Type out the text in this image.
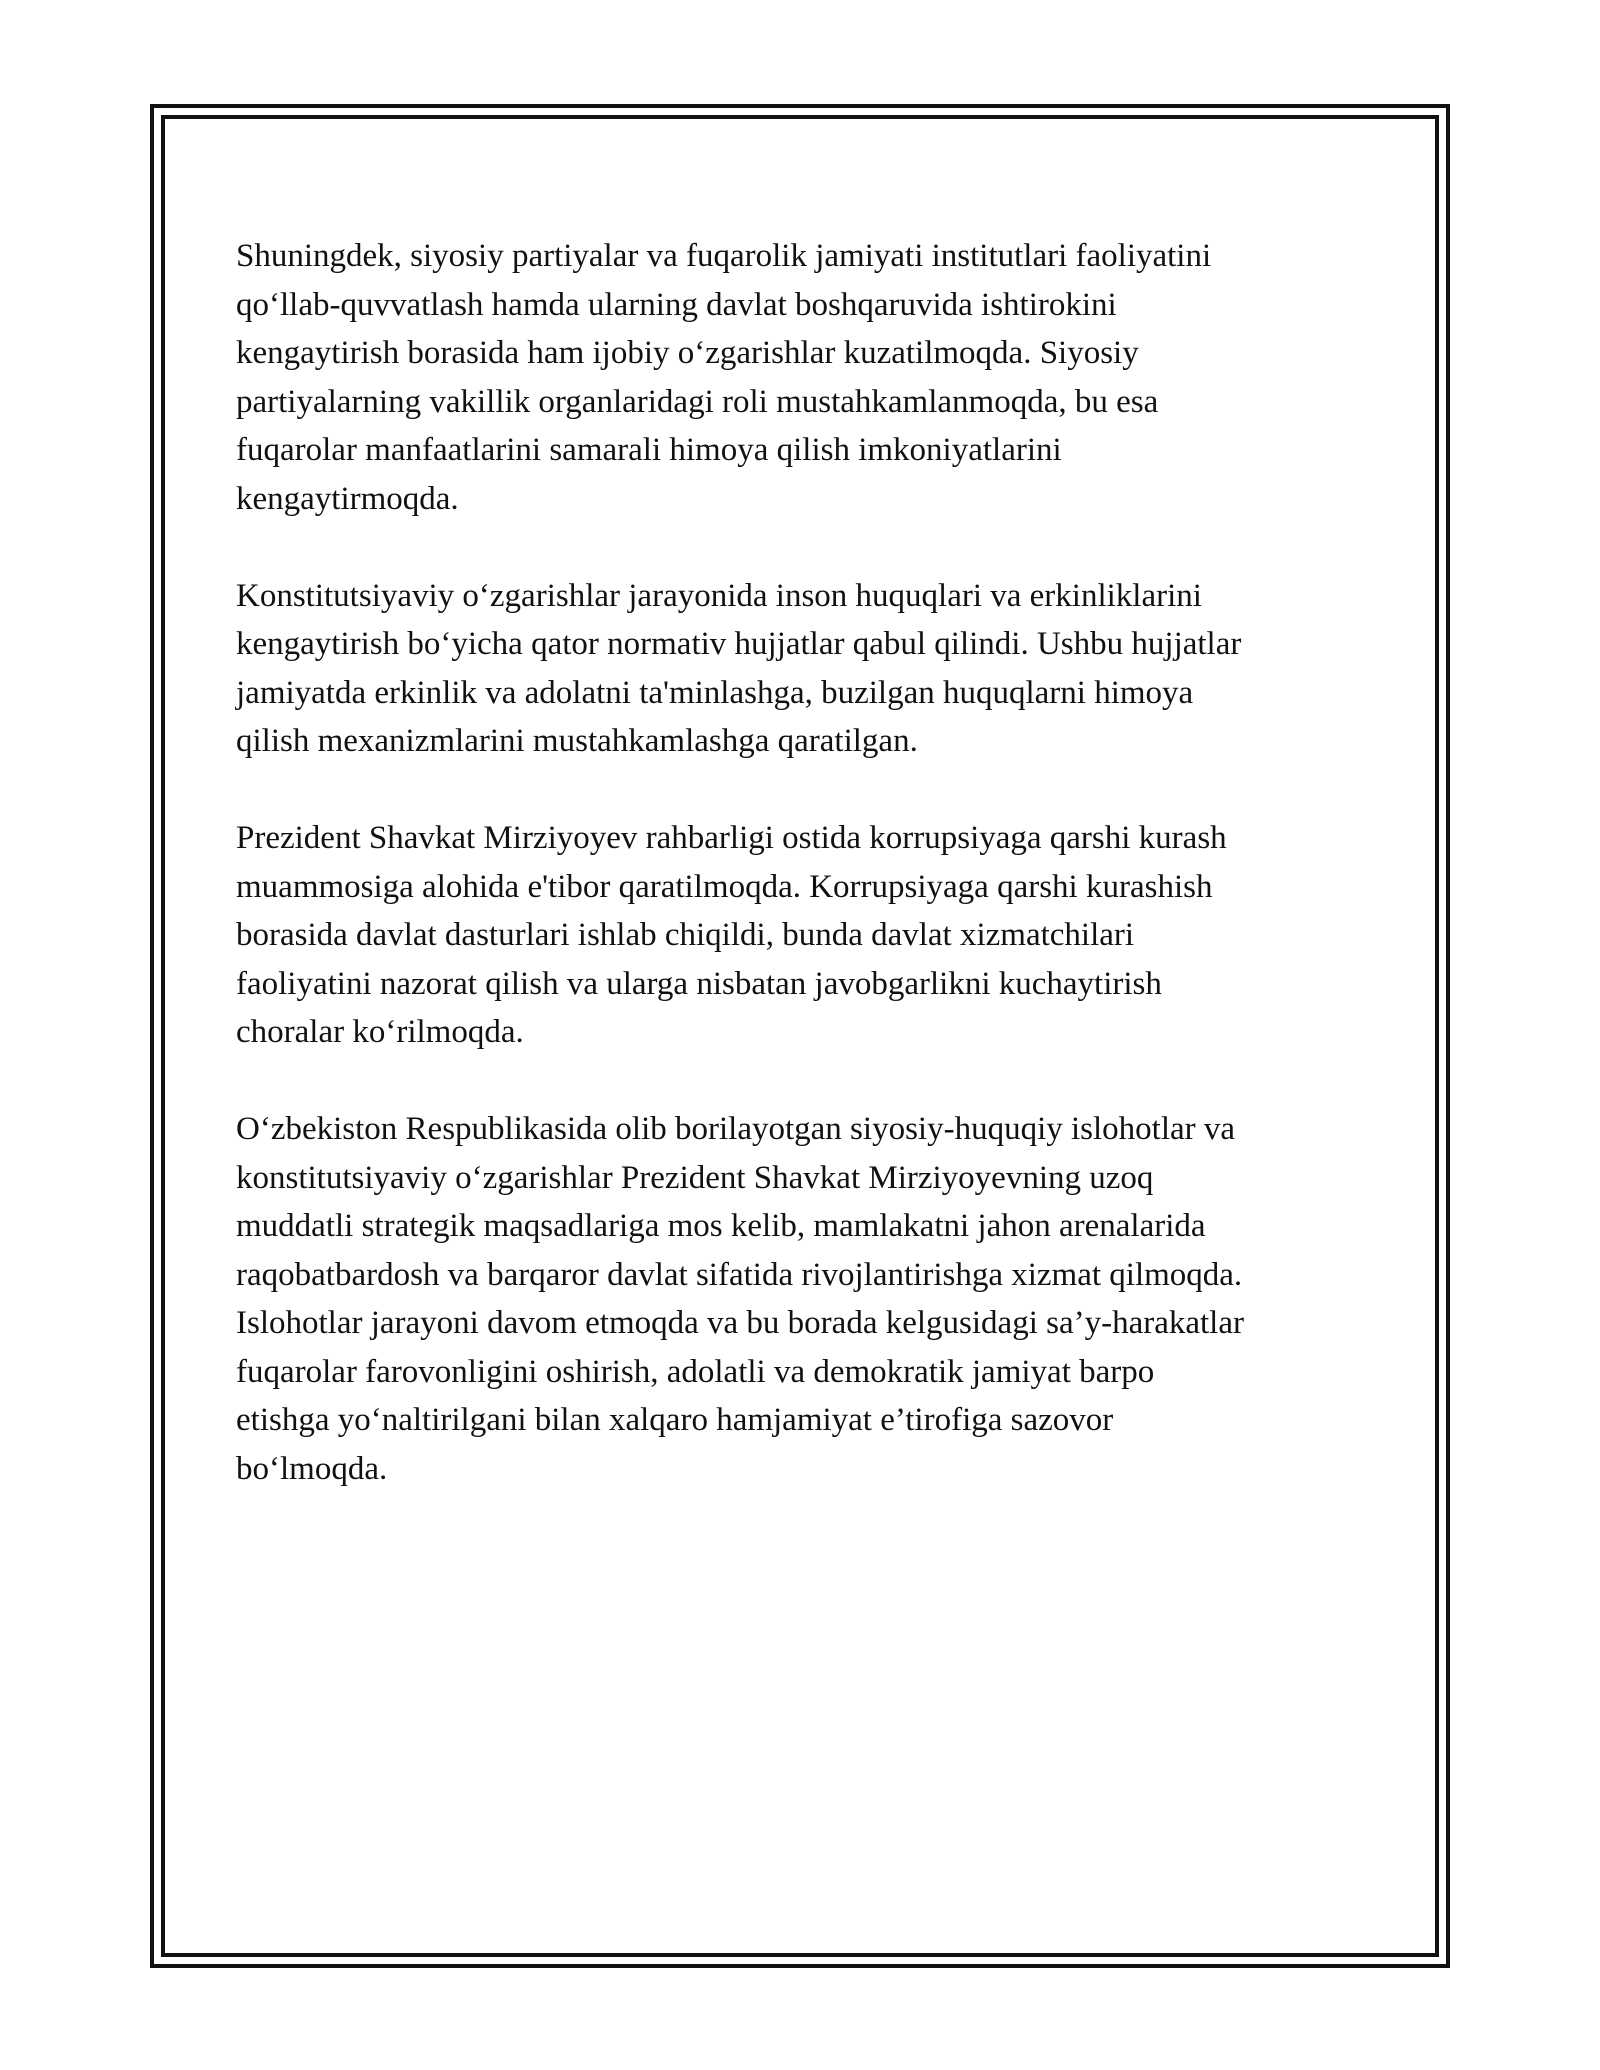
Shuningdek, siyosiy partiyalar va fuqarolik jamiyati institutlari faoliyatini
qo‘llab-quvvatlash hamda ularning davlat boshqaruvida ishtirokini
kengaytirish borasida ham ijobiy o‘zgarishlar kuzatilmoqda. Siyosiy
partiyalarning vakillik organlaridagi roli mustahkamlanmoqda, bu esa
fuqarolar manfaatlarini samarali himoya qilish imkoniyatlarini
kengaytirmoqda.

Konstitutsiyaviy o‘zgarishlar jarayonida inson huquqlari va erkinliklarini
kengaytirish bo‘yicha qator normativ hujjatlar qabul qilindi. Ushbu hujjatlar
jamiyatda erkinlik va adolatni ta'minlashga, buzilgan huquqlarni himoya
qilish mexanizmlarini mustahkamlashga qaratilgan.

Prezident Shavkat Mirziyoyev rahbarligi ostida korrupsiyaga qarshi kurash
muammosiga alohida e'tibor qaratilmoqda. Korrupsiyaga qarshi kurashish
borasida davlat dasturlari ishlab chiqildi, bunda davlat xizmatchilari
faoliyatini nazorat qilish va ularga nisbatan javobgarlikni kuchaytirish
choralar ko‘rilmoqda.

O‘zbekiston Respublikasida olib borilayotgan siyosiy-huquqiy islohotlar va
konstitutsiyaviy o‘zgarishlar Prezident Shavkat Mirziyoyevning uzoq
muddatli strategik maqsadlariga mos kelib, mamlakatni jahon arenalarida
raqobatbardosh va barqaror davlat sifatida rivojlantirishga xizmat qilmoqda.
Islohotlar jarayoni davom etmoqda va bu borada kelgusidagi sa’y-harakatlar
fuqarolar farovonligini oshirish, adolatli va demokratik jamiyat barpo
etishga yo‘naltirilgani bilan xalqaro hamjamiyat e’tirofiga sazovor
bo‘lmoqda.
